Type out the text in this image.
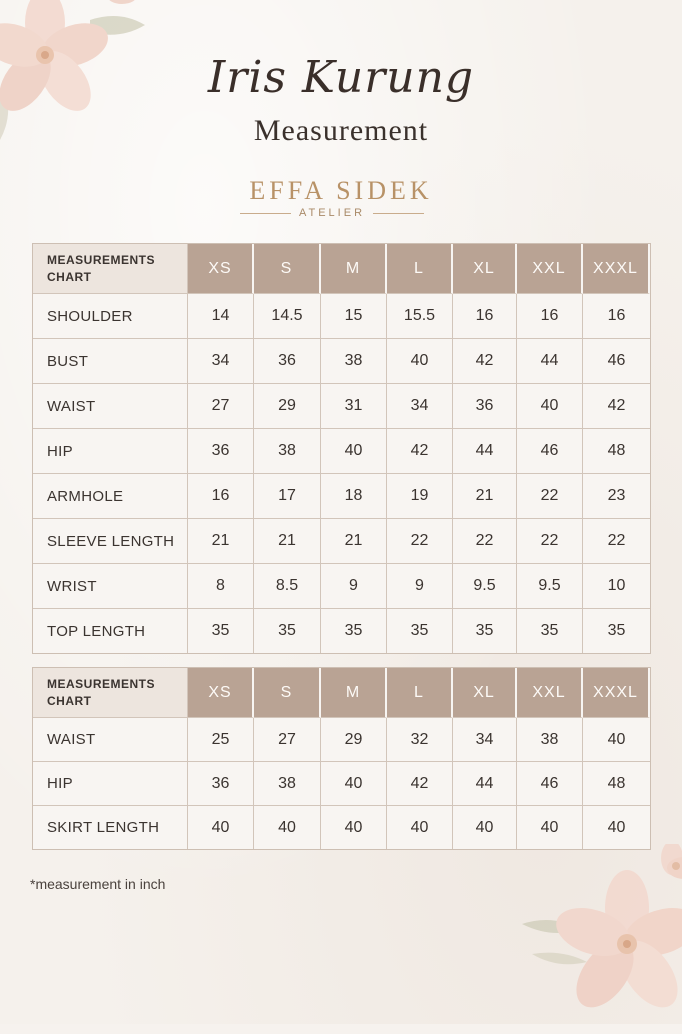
Iris Kurung
Measurement
EFFA SIDEK
ATELIER
MEASUREMENTS
CHART	XS	S	M	L	XL	XXL	XXXL
SHOULDER	14	14.5	15	15.5	16	16	16
BUST	34	36	38	40	42	44	46
WAIST	27	29	31	34	36	40	42
HIP	36	38	40	42	44	46	48
ARMHOLE	16	17	18	19	21	22	23
SLEEVE LENGTH	21	21	21	22	22	22	22
WRIST	8	8.5	9	9	9.5	9.5	10
TOP LENGTH	35	35	35	35	35	35	35
MEASUREMENTS
CHART	XS	S	M	L	XL	XXL	XXXL
WAIST	25	27	29	32	34	38	40
HIP	36	38	40	42	44	46	48
SKIRT LENGTH	40	40	40	40	40	40	40
*measurement in inch
